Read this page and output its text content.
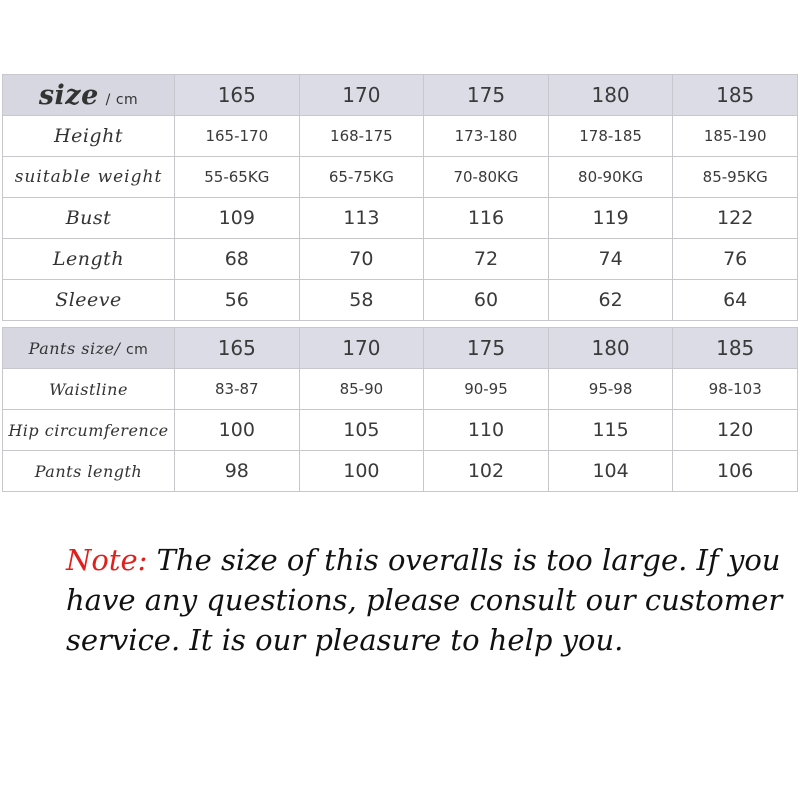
size / cm	165	170	175	180	185
Height	165-170	168-175	173-180	178-185	185-190
suitable weight	55-65KG	65-75KG	70-80KG	80-90KG	85-95KG
Bust	109	113	116	119	122
Length	68	70	72	74	76
Sleeve	56	58	60	62	64

Pants size/ cm	165	170	175	180	185
Waistline	83-87	85-90	90-95	95-98	98-103
Hip circumference	100	105	110	115	120
Pants length	98	100	102	104	106
Note: The size of this overalls is too large. If you have any questions, please consult our customer service. It is our pleasure to help you.
